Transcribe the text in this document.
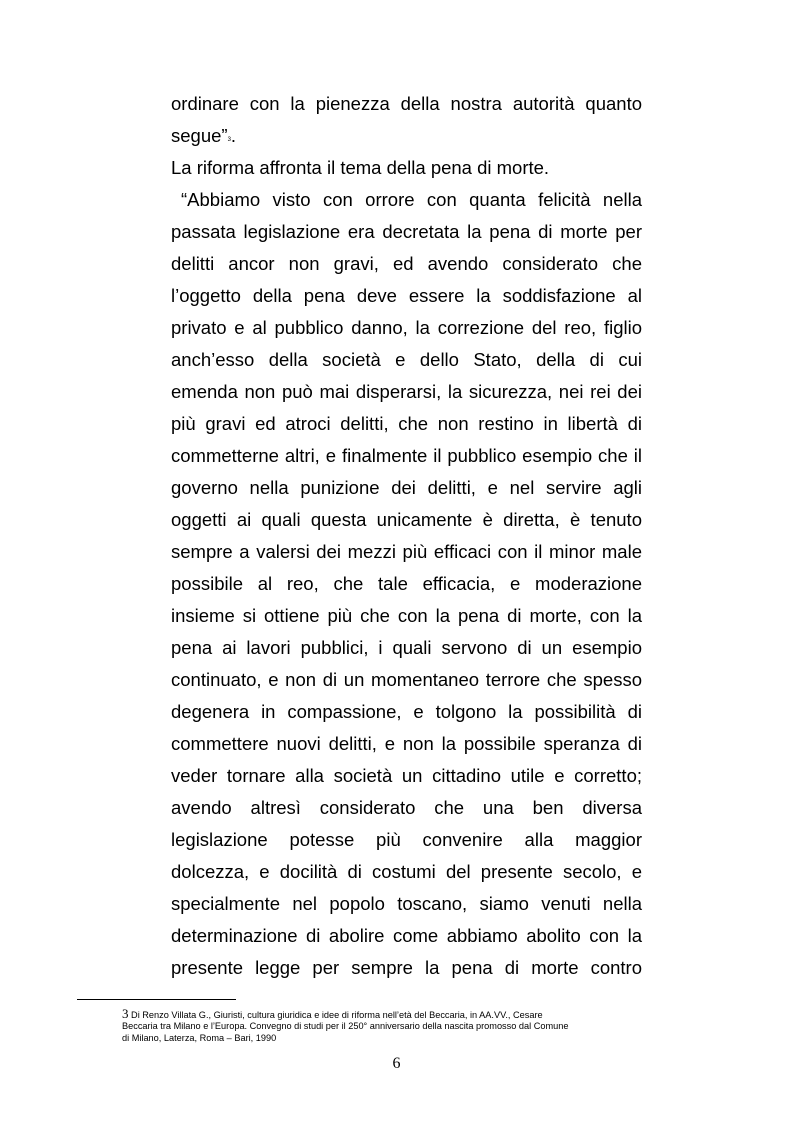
ordinare con la pienezza della nostra autorità quanto
segue”$^3$.
La riforma affronta il tema della pena di morte.
“Abbiamo visto con orrore con quanta felicità nella
passata legislazione era decretata la pena di morte per
delitti ancor non gravi, ed avendo considerato che
l’oggetto della pena deve essere la soddisfazione al
privato e al pubblico danno, la correzione del reo, figlio
anch’esso della società e dello Stato, della di cui
emenda non può mai disperarsi, la sicurezza, nei rei dei
più gravi ed atroci delitti, che non restino in libertà di
commetterne altri, e finalmente il pubblico esempio che il
governo nella punizione dei delitti, e nel servire agli
oggetti ai quali questa unicamente è diretta, è tenuto
sempre a valersi dei mezzi più efficaci con il minor male
possibile al reo, che tale efficacia, e moderazione
insieme si ottiene più che con la pena di morte, con la
pena ai lavori pubblici, i quali servono di un esempio
continuato, e non di un momentaneo terrore che spesso
degenera in compassione, e tolgono la possibilità di
commettere nuovi delitti, e non la possibile speranza di
veder tornare alla società un cittadino utile e corretto;
avendo altresì considerato che una ben diversa
legislazione potesse più convenire alla maggior
dolcezza, e docilità di costumi del presente secolo, e
specialmente nel popolo toscano, siamo venuti nella
determinazione di abolire come abbiamo abolito con la
presente legge per sempre la pena di morte contro
3 Di Renzo Villata G., Giuristi, cultura giuridica e idee di riforma nell’età del Beccaria, in AA.VV., Cesare
Beccaria tra Milano e l’Europa. Convegno di studi per il 250° anniversario della nascita promosso dal Comune
di Milano, Laterza, Roma – Bari, 1990
6
